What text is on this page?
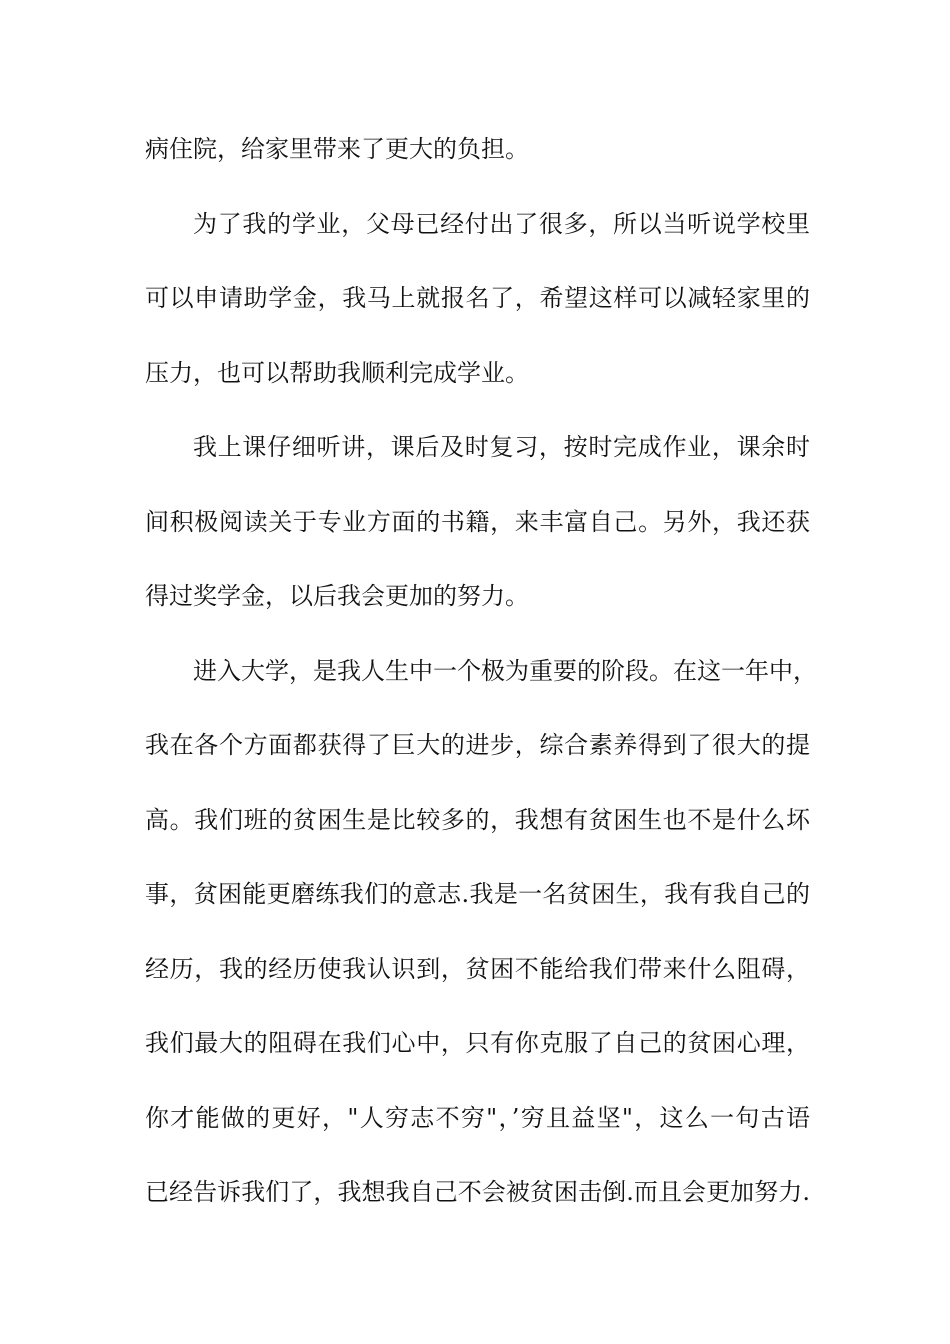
病住院，给家里带来了更大的负担。
为了我的学业，父母已经付出了很多，所以当听说学校里
可以申请助学金，我马上就报名了，希望这样可以减轻家里的
压力，也可以帮助我顺利完成学业。
我上课仔细听讲，课后及时复习，按时完成作业，课余时
间积极阅读关于专业方面的书籍，来丰富自己。另外，我还获
得过奖学金，以后我会更加的努力。
进入大学，是我人生中一个极为重要的阶段。在这一年中，
我在各个方面都获得了巨大的进步，综合素养得到了很大的提
高。我们班的贫困生是比较多的，我想有贫困生也不是什么坏
事，贫困能更磨练我们的意志.我是一名贫困生，我有我自己的
经历，我的经历使我认识到，贫困不能给我们带来什么阻碍，
我们最大的阻碍在我们心中，只有你克服了自己的贫困心理，
你才能做的更好，"人穷志不穷"，’穷且益坚"，这么一句古语
已经告诉我们了，我想我自己不会被贫困击倒.而且会更加努力.
